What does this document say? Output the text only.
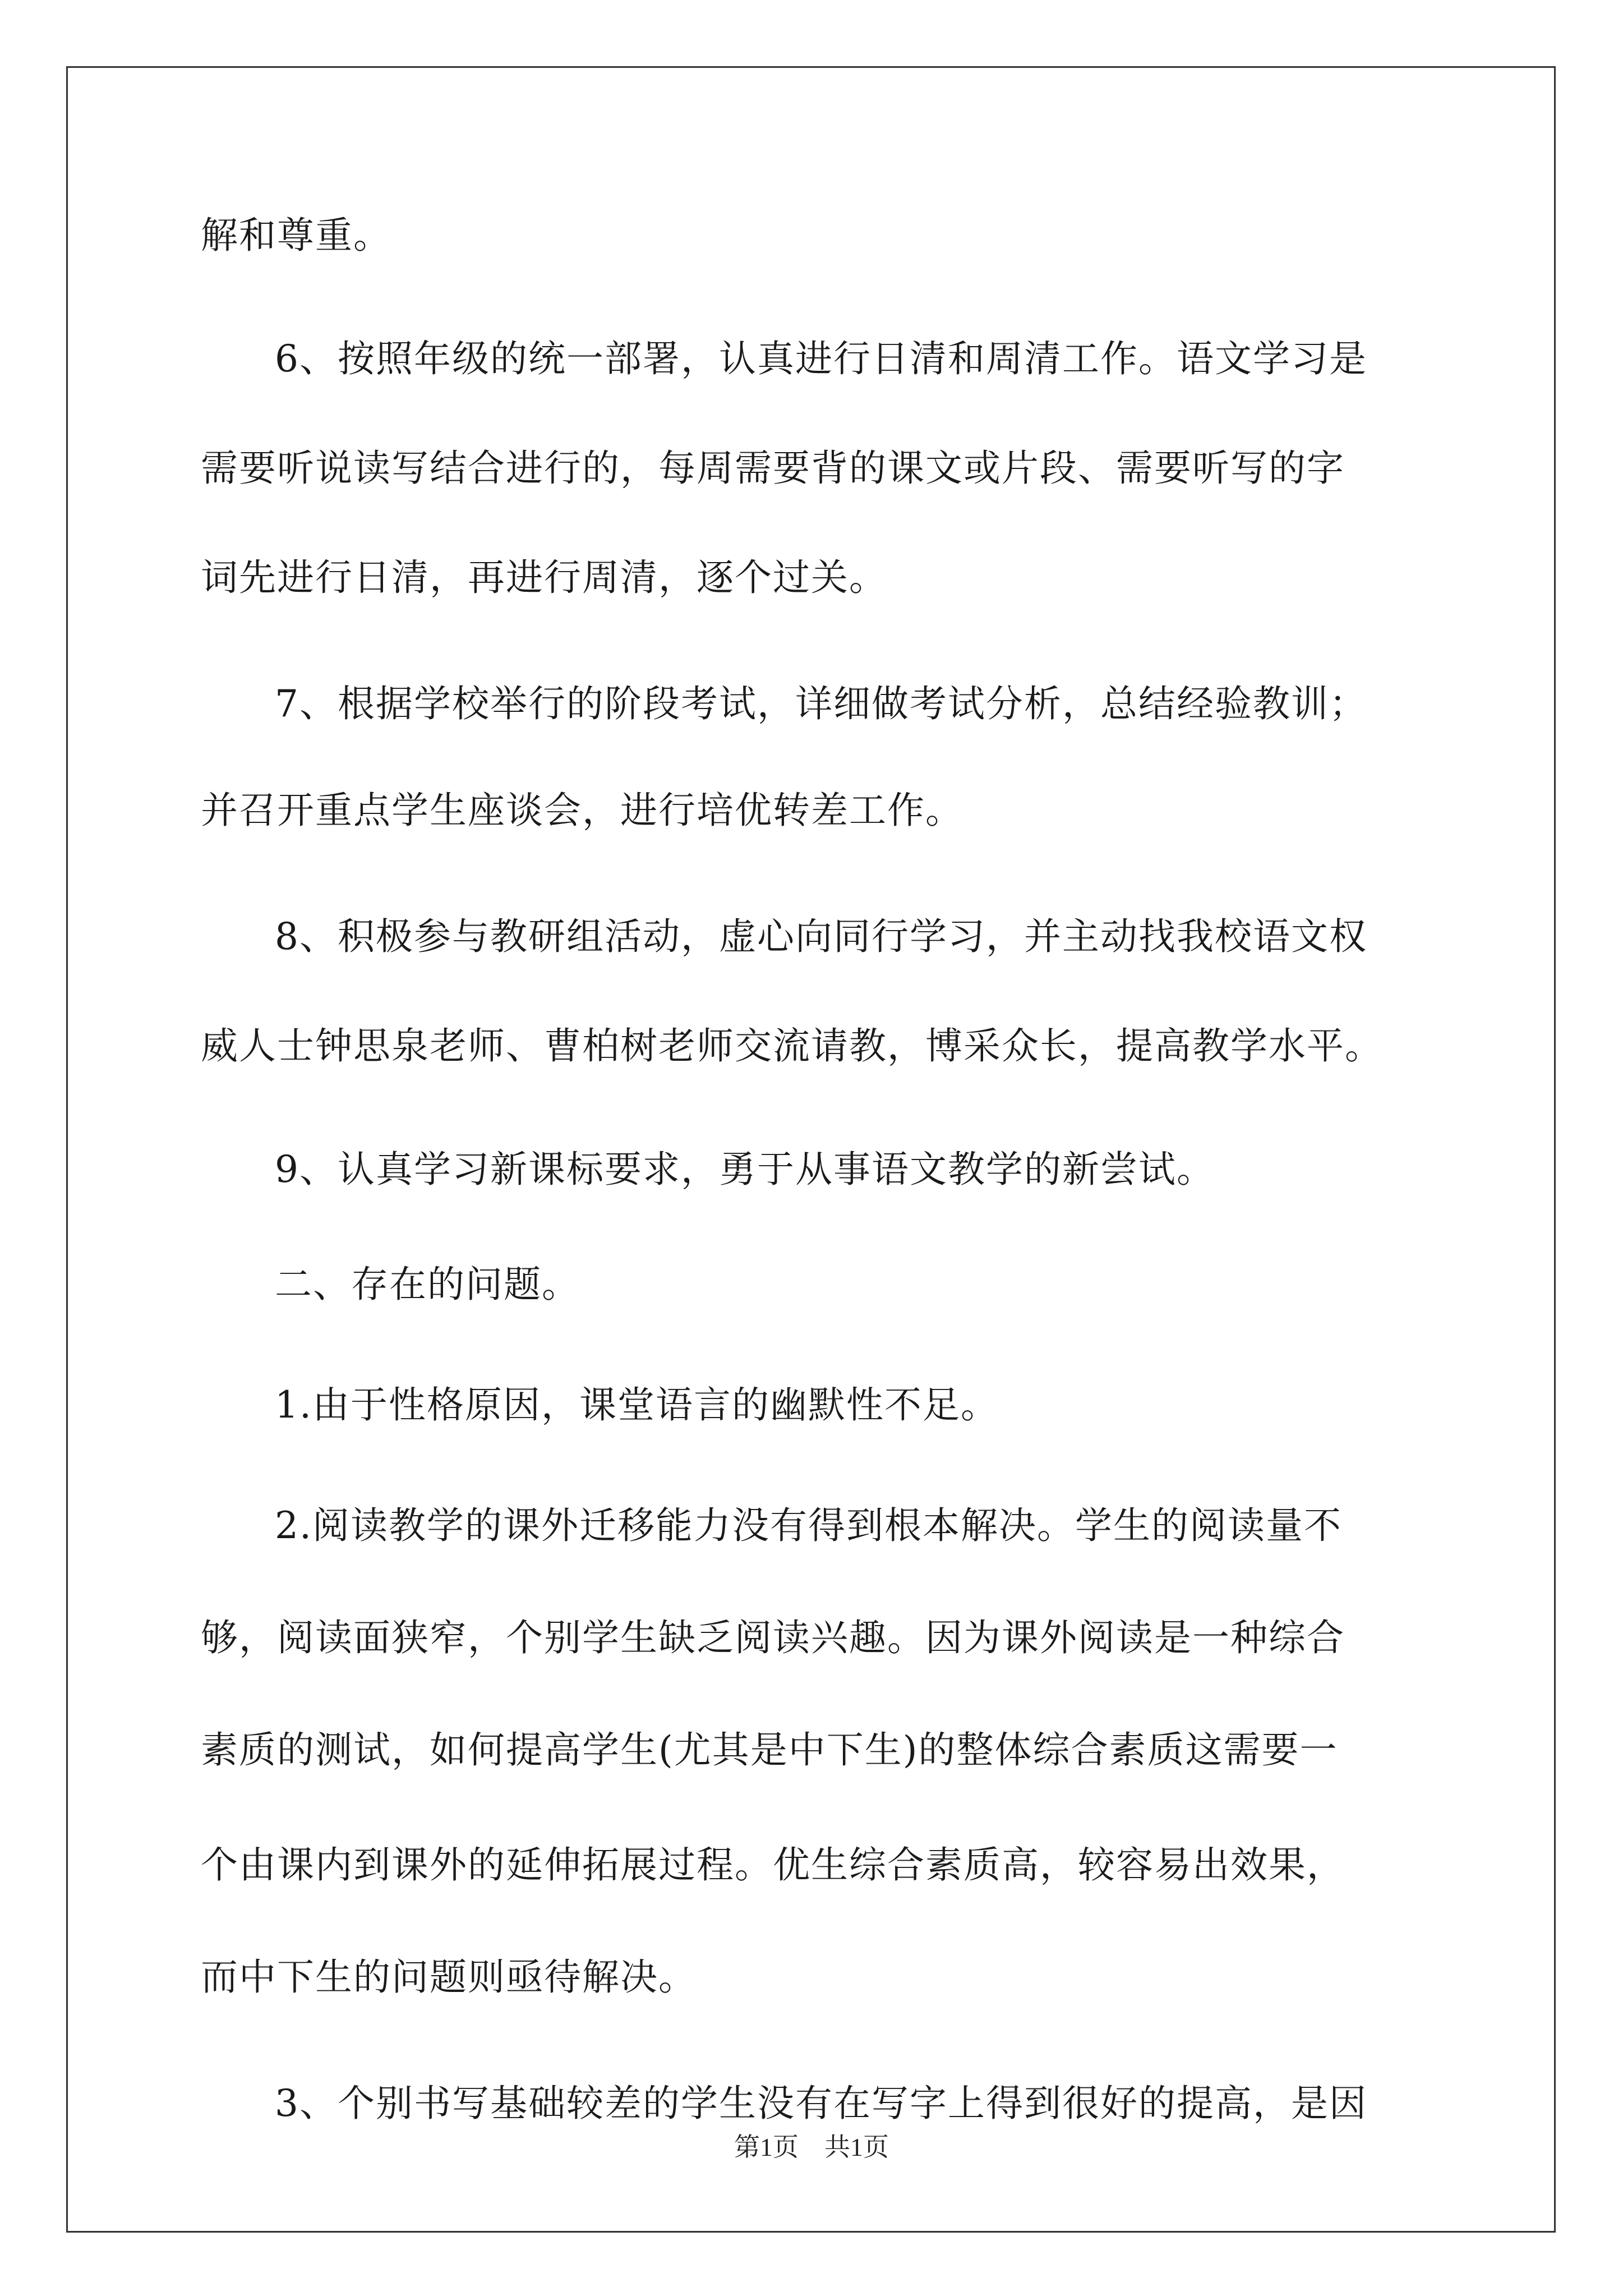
解和尊重。
6、按照年级的统一部署，认真进行日清和周清工作。语文学习是
需要听说读写结合进行的，每周需要背的课文或片段、需要听写的字
词先进行日清，再进行周清，逐个过关。
7、根据学校举行的阶段考试，详细做考试分析，总结经验教训；
并召开重点学生座谈会，进行培优转差工作。
8、积极参与教研组活动，虚心向同行学习，并主动找我校语文权
威人士钟思泉老师、曹柏树老师交流请教，博采众长，提高教学水平。
9、认真学习新课标要求，勇于从事语文教学的新尝试。
二、存在的问题。
1.由于性格原因，课堂语言的幽默性不足。
2.阅读教学的课外迁移能力没有得到根本解决。学生的阅读量不
够，阅读面狭窄，个别学生缺乏阅读兴趣。因为课外阅读是一种综合
素质的测试，如何提高学生(尤其是中下生)的整体综合素质这需要一
个由课内到课外的延伸拓展过程。优生综合素质高，较容易出效果，
而中下生的问题则亟待解决。
3、个别书写基础较差的学生没有在写字上得到很好的提高，是因
第1页　共1页
